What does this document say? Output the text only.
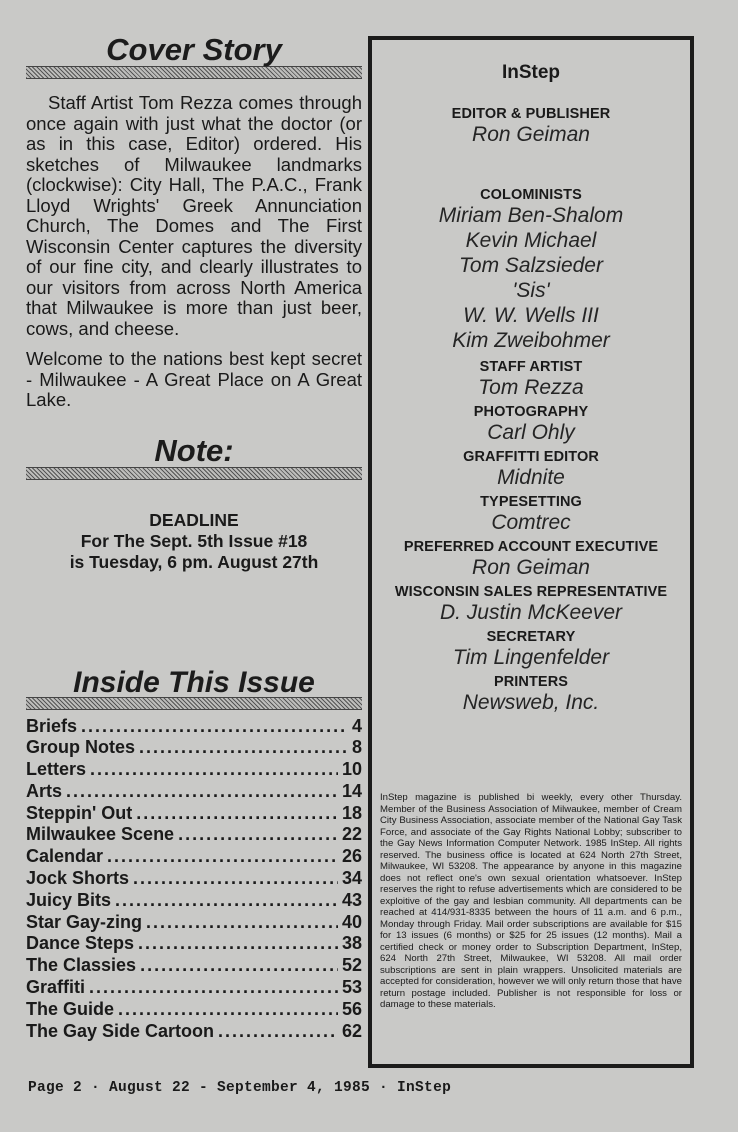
Cover Story

Staff Artist Tom Rezza comes through once again with just what the doctor (or as in this case, Editor) ordered. His sketches of Milwaukee landmarks (clockwise): City Hall, The P.A.C., Frank Lloyd Wrights' Greek Annunciation Church, The Domes and The First Wisconsin Center captures the diversity of our fine city, and clearly illustrates to our visitors from across North America that Milwaukee is more than just beer, cows, and cheese.

Welcome to the nations best kept secret - Milwaukee - A Great Place on A Great Lake.

Note:
DEADLINE
For The Sept. 5th Issue #18
is Tuesday, 6 pm. August 27th
Inside This Issue
Briefs .....	4
Group Notes .....	8
Letters .....	10
Arts .....	14
Steppin' Out .....	18
Milwaukee Scene .....	22
Calendar .....	26
Jock Shorts .....	34
Juicy Bits .....	43
Star Gay-zing .....	40
Dance Steps .....	38
The Classies .....	52
Graffiti .....	53
The Guide .....	56
The Gay Side Cartoon .....	62
InStep
EDITOR & PUBLISHER
Ron Geiman
COLOMINISTS
Miriam Ben-Shalom
Kevin Michael
Tom Salzsieder
'Sis'
W. W. Wells III
Kim Zweibohmer
STAFF ARTIST
Tom Rezza
PHOTOGRAPHY
Carl Ohly
GRAFFITTI EDITOR
Midnite
TYPESETTING
Comtrec
PREFERRED ACCOUNT EXECUTIVE
Ron Geiman
WISCONSIN SALES REPRESENTATIVE
D. Justin McKeever
SECRETARY
Tim Lingenfelder
PRINTERS
Newsweb, Inc.
InStep magazine is published bi weekly, every other Thursday. Member of the Business Association of Milwaukee, member of Cream City Business Association, associate member of the National Gay Task Force, and associate of the Gay Rights National Lobby; subscriber to the Gay News Information Computer Network. 1985 InStep. All rights reserved. The business office is located at 624 North 27th Street, Milwaukee, WI 53208. The appearance by anyone in this magazine does not reflect one's own sexual orientation whatsoever. InStep reserves the right to refuse advertisements which are considered to be exploitive of the gay and lesbian community. All departments can be reached at 414/931-8335 between the hours of 11 a.m. and 6 p.m., Monday through Friday. Mail order subscriptions are available for $15 for 13 issues (6 months) or $25 for 25 issues (12 months). Mail a certified check or money order to Subscription Department, InStep, 624 North 27th Street, Milwaukee, WI 53208. All mail order subscriptions are sent in plain wrappers. Unsolicited materials are accepted for consideration, however we will only return those that have return postage included. Publisher is not responsible for loss or damage to these materials.
Page 2 · August 22 - September 4, 1985 · InStep
